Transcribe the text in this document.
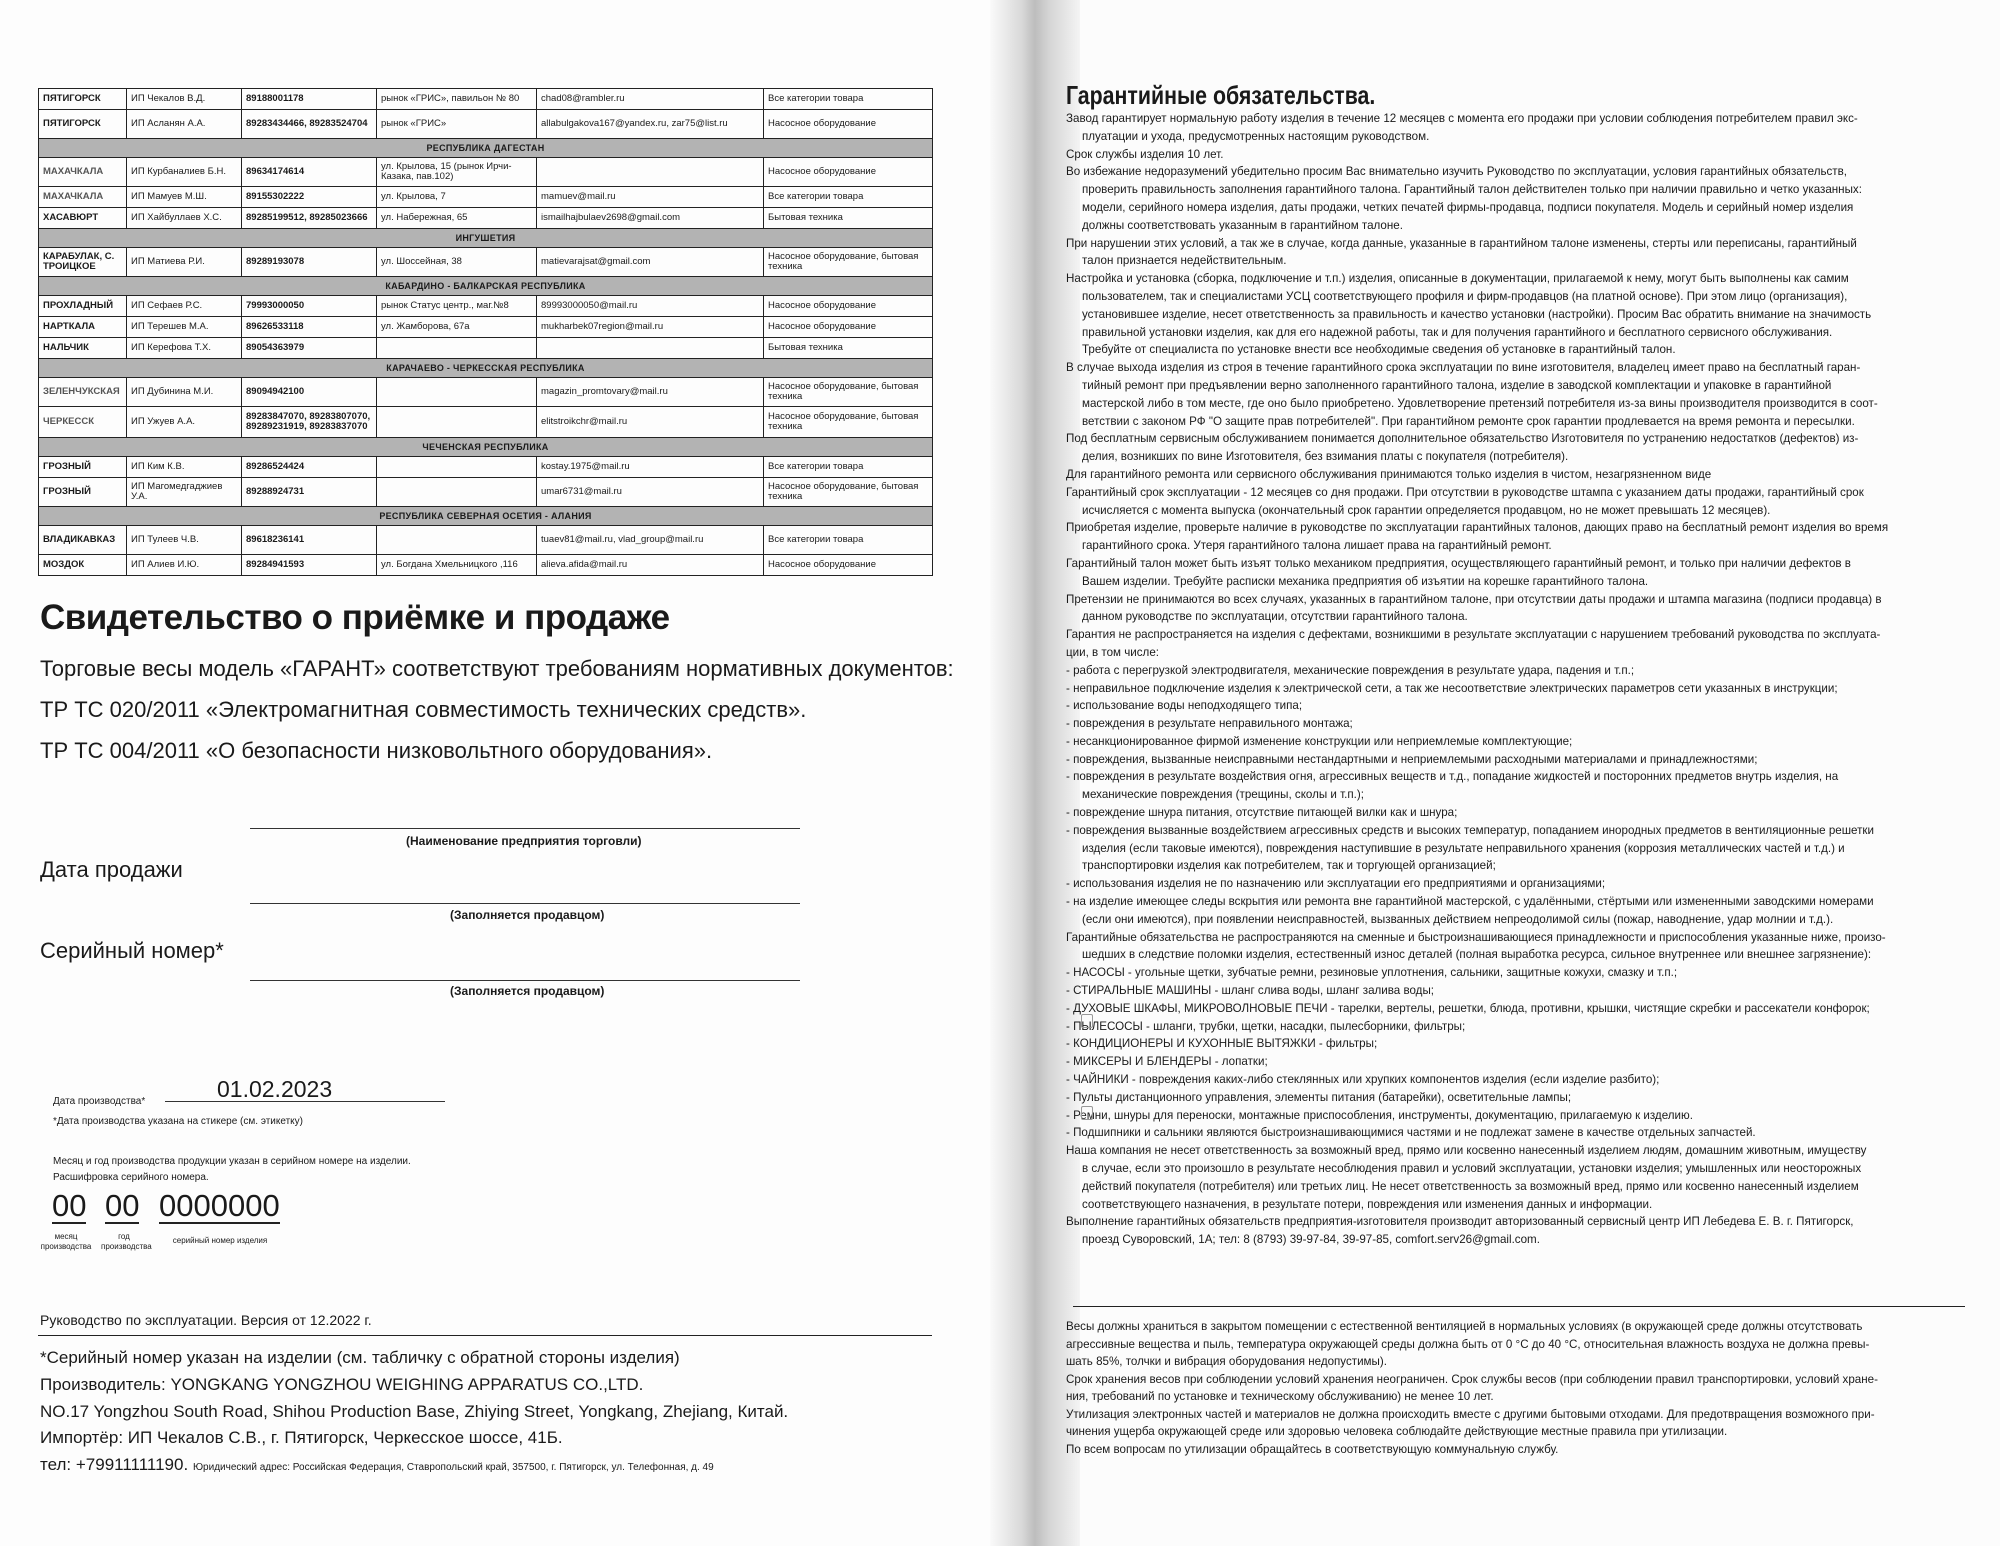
ПЯТИГОРСК	ИП Чекалов В.Д.	89188001178	рынок «ГРИС», павильон № 80	chad08@rambler.ru	Все категории товара
ПЯТИГОРСК	ИП Асланян А.А.	89283434466, 89283524704	рынок «ГРИС»	allabulgakova167@yandex.ru, zar75@list.ru	Насосное оборудование
РЕСПУБЛИКА ДАГЕСТАН					
МАХАЧКАЛА	ИП Курбаналиев Б.Н.	89634174614	ул. Крылова, 15 (рынок Ирчи-Казака, пав.102)		Насосное оборудование
МАХАЧКАЛА	ИП Мамуев М.Ш.	89155302222	ул. Крылова, 7	mamuev@mail.ru	Все категории товара
ХАСАВЮРТ	ИП Хайбуллаев Х.С.	89285199512, 89285023666	ул. Набережная, 65	ismailhajbulaev2698@gmail.com	Бытовая техника
ИНГУШЕТИЯ					
КАРАБУЛАК, С. ТРОИЦКОЕ	ИП Матиева Р.И.	89289193078	ул. Шоссейная, 38	matievarajsat@gmail.com	Насосное оборудование, бытовая техника
КАБАРДИНО - БАЛКАРСКАЯ РЕСПУБЛИКА					
ПРОХЛАДНЫЙ	ИП Сефаев Р.С.	79993000050	рынок Статус центр., маг.№8	89993000050@mail.ru	Насосное оборудование
НАРТКАЛА	ИП Терешев М.А.	89626533118	ул. Жамборова, 67а	mukharbek07region@mail.ru	Насосное оборудование
НАЛЬЧИК	ИП Керефова Т.Х.	89054363979			Бытовая техника
КАРАЧАЕВО - ЧЕРКЕССКАЯ РЕСПУБЛИКА					
ЗЕЛЕНЧУКСКАЯ	ИП Дубинина М.И.	89094942100		magazin_promtovary@mail.ru	Насосное оборудование, бытовая техника
ЧЕРКЕССК	ИП Ужуев А.А.	89283847070, 89283807070, 89289231919, 89283837070		elitstroikchr@mail.ru	Насосное оборудование, бытовая техника
ЧЕЧЕНСКАЯ РЕСПУБЛИКА					
ГРОЗНЫЙ	ИП Ким К.В.	89286524424		kostay.1975@mail.ru	Все категории товара
ГРОЗНЫЙ	ИП Магомедгаджиев У.А.	89288924731		umar6731@mail.ru	Насосное оборудование, бытовая техника
РЕСПУБЛИКА СЕВЕРНАЯ ОСЕТИЯ - АЛАНИЯ					
ВЛАДИКАВКАЗ	ИП Тулеев Ч.В.	89618236141		tuaev81@mail.ru, vlad_group@mail.ru	Все категории товара
МОЗДОК	ИП Алиев И.Ю.	89284941593	ул. Богдана Хмельницкого ,116	alieva.afida@mail.ru	Насосное оборудование
Свидетельство о приёмке и продаже
Торговые весы модель «ГАРАНТ» соответствуют требованиям нормативных документов:
ТР ТС 020/2011 «Электромагнитная совместимость технических средств».
ТР ТС 004/2011 «О безопасности низковольтного оборудования».
(Наименование предприятия торговли)
Дата продажи
(Заполняется продавцом)
Серийный номер*
(Заполняется продавцом)
Дата производства*	01.02.2023
*Дата производства указана на стикере (см. этикетку)
Месяц и год производства продукции указан в серийном номере на изделии.
Расшифровка серийного номера.
00 00 0000000
месяц производства
год производства
серийный номер изделия
Руководство по эксплуатации. Версия от 12.2022 г.
*Серийный номер указан на изделии (см. табличку с обратной стороны изделия)
Производитель: YONGKANG YONGZHOU WEIGHING APPARATUS CO.,LTD.
NO.17 Yongzhou South Road, Shihou Production Base, Zhiying Street, Yongkang, Zhejiang, Китай.
Импортёр: ИП Чекалов С.В., г. Пятигорск, Черкесское шоссе, 41Б.
тел: +79911111190. Юридический адрес: Российская Федерация, Ставропольский край, 357500, г. Пятигорск, ул. Телефонная, д. 49
Гарантийные обязательства.

Завод гарантирует нормальную работу изделия в течение 12 месяцев с момента его продажи при условии соблюдения потребителем правил экс-

плуатации и ухода, предусмотренных настоящим руководством.

Срок службы изделия 10 лет.

Во избежание недоразумений убедительно просим Вас внимательно изучить Руководство по эксплуатации, условия гарантийных обязательств,

проверить правильность заполнения гарантийного талона. Гарантийный талон действителен только при наличии правильно и четко указанных:

модели, серийного номера изделия, даты продажи, четких печатей фирмы-продавца, подписи покупателя. Модель и серийный номер изделия

должны соответствовать указанным в гарантийном талоне.

При нарушении этих условий, а так же в случае, когда данные, указанные в гарантийном талоне изменены, стерты или переписаны, гарантийный

талон признается недействительным.

Настройка и установка (сборка, подключение и т.п.) изделия, описанные в документации, прилагаемой к нему, могут быть выполнены как самим

пользователем, так и специалистами УСЦ соответствующего профиля и фирм-продавцов (на платной основе). При этом лицо (организация),

установившее изделие, несет ответственность за правильность и качество установки (настройки). Просим Вас обратить внимание на значимость

правильной установки изделия, как для его надежной работы, так и для получения гарантийного и бесплатного сервисного обслуживания.

Требуйте от специалиста по установке внести все необходимые сведения об установке в гарантийный талон.

В случае выхода изделия из строя в течение гарантийного срока эксплуатации по вине изготовителя, владелец имеет право на бесплатный гаран-

тийный ремонт при предъявлении верно заполненного гарантийного талона, изделие в заводской комплектации и упаковке в гарантийной

мастерской либо в том месте, где оно было приобретено. Удовлетворение претензий потребителя из-за вины производителя производится в соот-

ветствии с законом РФ "О защите прав потребителей". При гарантийном ремонте срок гарантии продлевается на время ремонта и пересылки.

Под бесплатным сервисным обслуживанием понимается дополнительное обязательство Изготовителя по устранению недостатков (дефектов) из-

делия, возникших по вине Изготовителя, без взимания платы с покупателя (потребителя).

Для гарантийного ремонта или сервисного обслуживания принимаются только изделия в чистом, незагрязненном виде

Гарантийный срок эксплуатации - 12 месяцев со дня продажи. При отсутствии в руководстве штампа с указанием даты продажи, гарантийный срок

исчисляется с момента выпуска (окончательный срок гарантии определяется продавцом, но не может превышать 12 месяцев).

Приобретая изделие, проверьте наличие в руководстве по эксплуатации гарантийных талонов, дающих право на бесплатный ремонт изделия во время

гарантийного срока. Утеря гарантийного талона лишает права на гарантийный ремонт.

Гарантийный талон может быть изъят только механиком предприятия, осуществляющего гарантийный ремонт, и только при наличии дефектов в

Вашем изделии. Требуйте расписки механика предприятия об изъятии на корешке гарантийного талона.

Претензии не принимаются во всех случаях, указанных в гарантийном талоне, при отсутствии даты продажи и штампа магазина (подписи продавца) в

данном руководстве по эксплуатации, отсутствии гарантийного талона.

Гарантия не распространяется на изделия с дефектами, возникшими в результате эксплуатации с нарушением требований руководства по эксплуата-

ции, в том числе:

- работа с перегрузкой электродвигателя, механические повреждения в результате удара, падения и т.п.;

- неправильное подключение изделия к электрической сети, а так же несоответствие электрических параметров сети указанных в инструкции;

- использование воды неподходящего типа;

- повреждения в результате неправильного монтажа;

- несанкционированное фирмой изменение конструкции или неприемлемые комплектующие;

- повреждения, вызванные неисправными нестандартными и неприемлемыми расходными материалами и принадлежностями;

- повреждения в результате воздействия огня, агрессивных веществ и т.д., попадание жидкостей и посторонних предметов внутрь изделия, на

механические повреждения (трещины, сколы и т.п.);

- повреждение шнура питания, отсутствие питающей вилки как и шнура;

- повреждения вызванные воздействием агрессивных средств и высоких температур, попаданием инородных предметов в вентиляционные решетки

изделия (если таковые имеются), повреждения наступившие в результате неправильного хранения (коррозия металлических частей и т.д.) и

транспортировки изделия как потребителем, так и торгующей организацией;

- использования изделия не по назначению или эксплуатации его предприятиями и организациями;

- на изделие имеющее следы вскрытия или ремонта вне гарантийной мастерской, с удалёнными, стёртыми или измененными заводскими номерами

(если они имеются), при появлении неисправностей, вызванных действием непреодолимой силы (пожар, наводнение, удар молнии и т.д.).

Гарантийные обязательства не распространяются на сменные и быстроизнашивающиеся принадлежности и приспособления указанные ниже, произо-

шедших в следствие поломки изделия, естественный износ деталей (полная выработка ресурса, сильное внутреннее или внешнее загрязнение):

- НАСОСЫ - угольные щетки, зубчатые ремни, резиновые уплотнения, сальники, защитные кожухи, смазку и т.п.;

- СТИРАЛЬНЫЕ МАШИНЫ - шланг слива воды, шланг залива воды;

- ДУХОВЫЕ ШКАФЫ, МИКРОВОЛНОВЫЕ ПЕЧИ - тарелки, вертелы, решетки, блюда, противни, крышки, чистящие скребки и рассекатели конфорок;

- ПЫЛЕСОСЫ - шланги, трубки, щетки, насадки, пылесборники, фильтры;

- КОНДИЦИОНЕРЫ И КУХОННЫЕ ВЫТЯЖКИ - фильтры;

- МИКСЕРЫ И БЛЕНДЕРЫ - лопатки;

- ЧАЙНИКИ - повреждения каких-либо стеклянных или хрупких компонентов изделия (если изделие разбито);

- Пульты дистанционного управления, элементы питания (батарейки), осветительные лампы;

- Ремни, шнуры для переноски, монтажные приспособления, инструменты, документацию, прилагаемую к изделию.

- Подшипники и сальники являются быстроизнашивающимися частями и не подлежат замене в качестве отдельных запчастей.

Наша компания не несет ответственность за возможный вред, прямо или косвенно нанесенный изделием людям, домашним животным, имуществу

в случае, если это произошло в результате несоблюдения правил и условий эксплуатации, установки изделия; умышленных или неосторожных

действий покупателя (потребителя) или третьих лиц. Не несет ответственность за возможный вред, прямо или косвенно нанесенный изделием

соответствующего назначения, в результате потери, повреждения или изменения данных и информации.

Выполнение гарантийных обязательств предприятия-изготовителя производит авторизованный сервисный центр ИП Лебедева Е. В. г. Пятигорск,

проезд Суворовский, 1А; тел: 8 (8793) 39-97-84, 39-97-85, comfort.serv26@gmail.com.

Весы должны храниться в закрытом помещении с естественной вентиляцией в нормальных условиях (в окружающей среде должны отсутствовать

агрессивные вещества и пыль, температура окружающей среды должна быть от 0 °С до 40 °С, относительная влажность воздуха не должна превы-

шать 85%, толчки и вибрация оборудования недопустимы).

Срок хранения весов при соблюдении условий хранения неограничен. Срок службы весов (при соблюдении правил транспортировки, условий хране-

ния, требований по установке и техническому обслуживанию) не менее 10 лет.

Утилизация электронных частей и материалов не должна происходить вместе с другими бытовыми отходами. Для предотвращения возможного при-

чинения ущерба окружающей среде или здоровью человека соблюдайте действующие местные правила при утилизации.

По всем вопросам по утилизации обращайтесь в соответствующую коммунальную службу.
